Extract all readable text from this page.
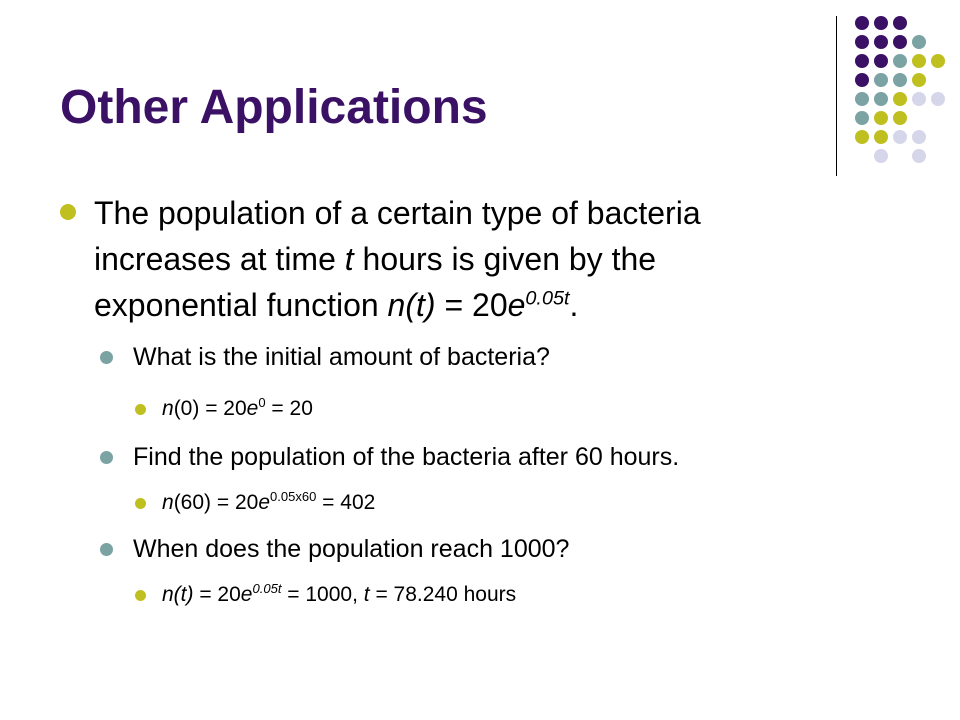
Other Applications
The population of a certain type of bacteria
increases at time t hours is given by the
exponential function $n(t) = 20e^{0.05t}$.
What is the initial amount of bacteria?
$n(0) = 20e^0 = 20$
Find the population of the bacteria after 60 hours.
$n(60) = 20e^{0.05x60} = 402$
When does the population reach 1000?
$n(t) = 20e^{0.05t} = 1000$, t = 78.240 hours
